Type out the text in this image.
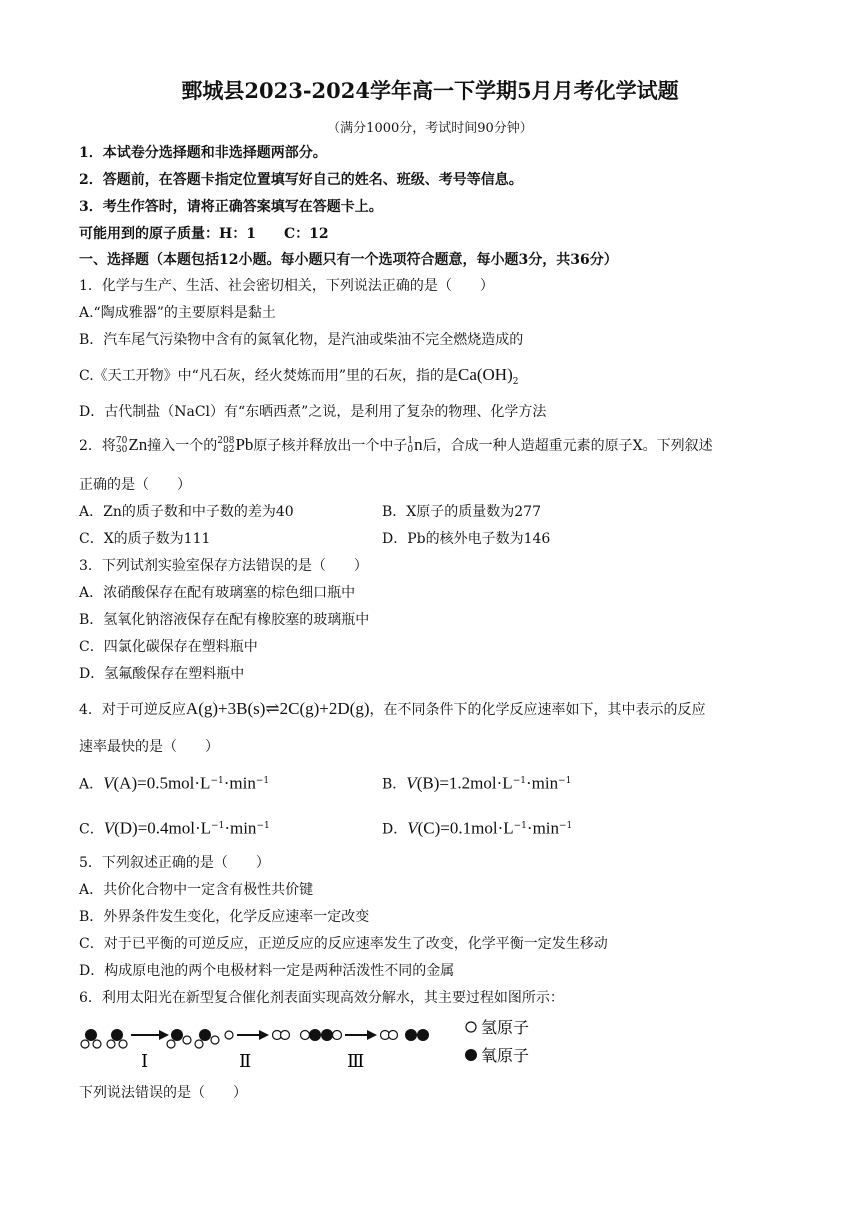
鄄城县2023-2024学年高一下学期5月月考化学试题
（满分1000分，考试时间90分钟）
1．本试卷分选择题和非选择题两部分。
2．答题前，在答题卡指定位置填写好自己的姓名、班级、考号等信息。
3．考生作答时，请将正确答案填写在答题卡上。
可能用到的原子质量：H：1　　C：12
一、选择题（本题包括12小题。每小题只有一个选项符合题意，每小题3分，共36分）
1．化学与生产、生活、社会密切相关，下列说法正确的是（　　）
A.“陶成雅器”的主要原料是黏土
B．汽车尾气污染物中含有的氮氧化物，是汽油或柴油不完全燃烧造成的
C.《天工开物》中“凡石灰，经火焚炼而用”里的石灰，指的是$Ca(OH)_2$
D．古代制盐（NaCl）有“东晒西煮”之说，是利用了复杂的物理、化学方法
2．将 70
30 Zn撞入一个的 208
82 Pb原子核并释放出一个中子 1
0 n后，合成一种人造超重元素的原子X。下列叙述
正确的是（　　）
A．Zn的质子数和中子数的差为40	B．X原子的质量数为277
C．X的质子数为111	D．Pb的核外电子数为146
3．下列试剂实验室保存方法错误的是（　　）
A．浓硝酸保存在配有玻璃塞的棕色细口瓶中
B．氢氧化钠溶液保存在配有橡胶塞的玻璃瓶中
C．四氯化碳保存在塑料瓶中
D．氢氟酸保存在塑料瓶中
4．对于可逆反应A(g)+3B(s)⇌2C(g)+2D(g)，在不同条件下的化学反应速率如下，其中表示的反应
速率最快的是（　　）
A．$V(A)=0.5mol\cdot L^{-1}\cdot\min^{-1}$	B．$V(B)=1.2mol\cdot L^{-1}\cdot\min^{-1}$
C．$V(D)=0.4mol\cdot L^{-1}\cdot\min^{-1}$	D．$V(C)=0.1mol\cdot L^{-1}\cdot\min^{-1}$
5．下列叙述正确的是（　　）
A．共价化合物中一定含有极性共价键
B．外界条件发生变化，化学反应速率一定改变
C．对于已平衡的可逆反应，正逆反应的反应速率发生了改变，化学平衡一定发生移动
D．构成原电池的两个电极材料一定是两种活泼性不同的金属
6．利用太阳光在新型复合催化剂表面实现高效分解水，其主要过程如图所示：
Ⅰ	Ⅱ	Ⅲ
氢原子
氧原子
下列说法错误的是（　　）
